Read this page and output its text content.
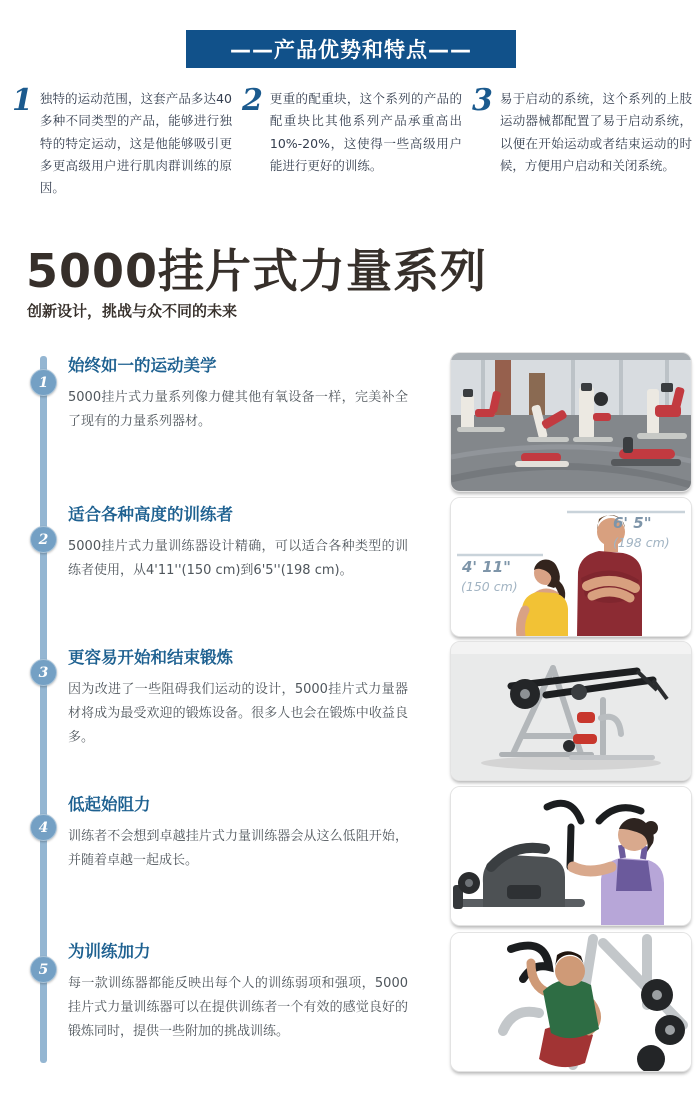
——产品优势和特点——
1 独特的运动范围，这套产品多达40多种不同类型的产品，能够进行独特的特定运动，这是他能够吸引更多更高级用户进行肌肉群训练的原因。

2 更重的配重块，这个系列的产品的配重块比其他系列产品承重高出10%-20%，这使得一些高级用户能进行更好的训练。

3 易于启动的系统，这个系列的上肢运动器械都配置了易于启动系统，以便在开始运动或者结束运动的时候，方便用户启动和关闭系统。

5000挂片式力量系列
创新设计，挑战与众不同的未来
1
2
3
4
5
始终如一的运动美学

5000挂片式力量系列像力健其他有氧设备一样，完美补全了现有的力量系列器材。

适合各种高度的训练者

5000挂片式力量训练器设计精确，可以适合各种类型的训练者使用，从4'11''(150 cm)到6'5''(198 cm)。

更容易开始和结束锻炼

因为改进了一些阻碍我们运动的设计，5000挂片式力量器材将成为最受欢迎的锻炼设备。很多人也会在锻炼中收益良多。

低起始阻力

训练者不会想到卓越挂片式力量训练器会从这么低阻开始，并随着卓越一起成长。

为训练加力

每一款训练器都能反映出每个人的训练弱项和强项，5000挂片式力量训练器可以在提供训练者一个有效的感觉良好的锻炼同时，提供一些附加的挑战训练。

6' 5"
(198 cm)
4' 11"
(150 cm)
